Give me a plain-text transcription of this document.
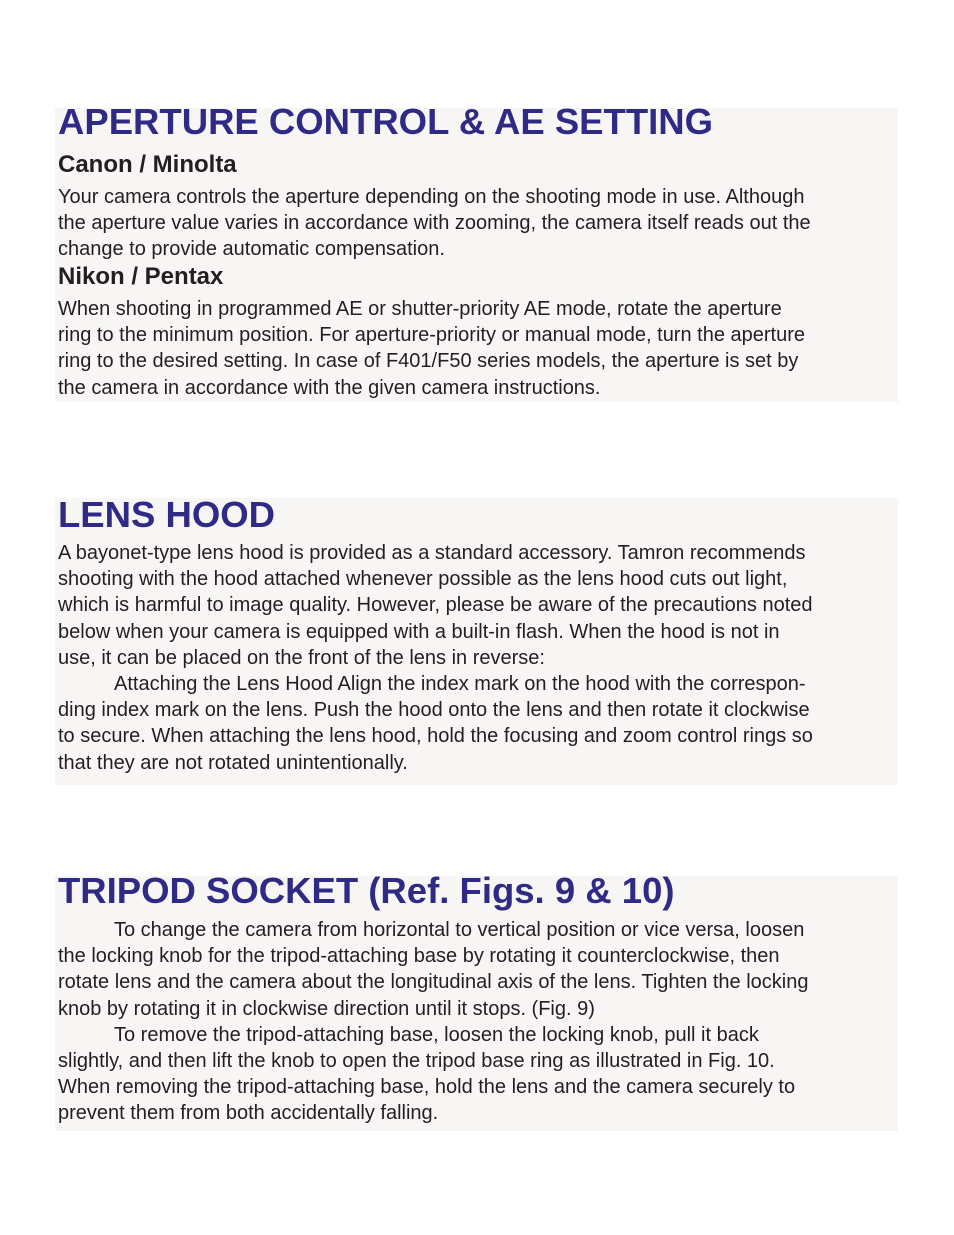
APERTURE CONTROL & AE SETTING
Canon / Minolta

Your camera controls the aperture depending on the shooting mode in use. Although
the aperture value varies in accordance with zooming, the camera itself reads out the
change to provide automatic compensation.

Nikon / Pentax

When shooting in programmed AE or shutter-priority AE mode, rotate the aperture
ring to the minimum position. For aperture-priority or manual mode, turn the aperture
ring to the desired setting. In case of F401/F50 series models, the aperture is set by
the camera in accordance with the given camera instructions.

LENS HOOD

A bayonet-type lens hood is provided as a standard accessory. Tamron recommends
shooting with the hood attached whenever possible as the lens hood cuts out light,
which is harmful to image quality. However, please be aware of the precautions noted
below when your camera is equipped with a built-in flash. When the hood is not in
use, it can be placed on the front of the lens in reverse:
Attaching the Lens Hood Align the index mark on the hood with the correspon-
ding index mark on the lens. Push the hood onto the lens and then rotate it clockwise
to secure. When attaching the lens hood, hold the focusing and zoom control rings so
that they are not rotated unintentionally.

TRIPOD SOCKET (Ref. Figs. 9 & 10)

To change the camera from horizontal to vertical position or vice versa, loosen
the locking knob for the tripod-attaching base by rotating it counterclockwise, then
rotate lens and the camera about the longitudinal axis of the lens. Tighten the locking
knob by rotating it in clockwise direction until it stops. (Fig. 9)
To remove the tripod-attaching base, loosen the locking knob, pull it back
slightly, and then lift the knob to open the tripod base ring as illustrated in Fig. 10.
When removing the tripod-attaching base, hold the lens and the camera securely to
prevent them from both accidentally falling.
